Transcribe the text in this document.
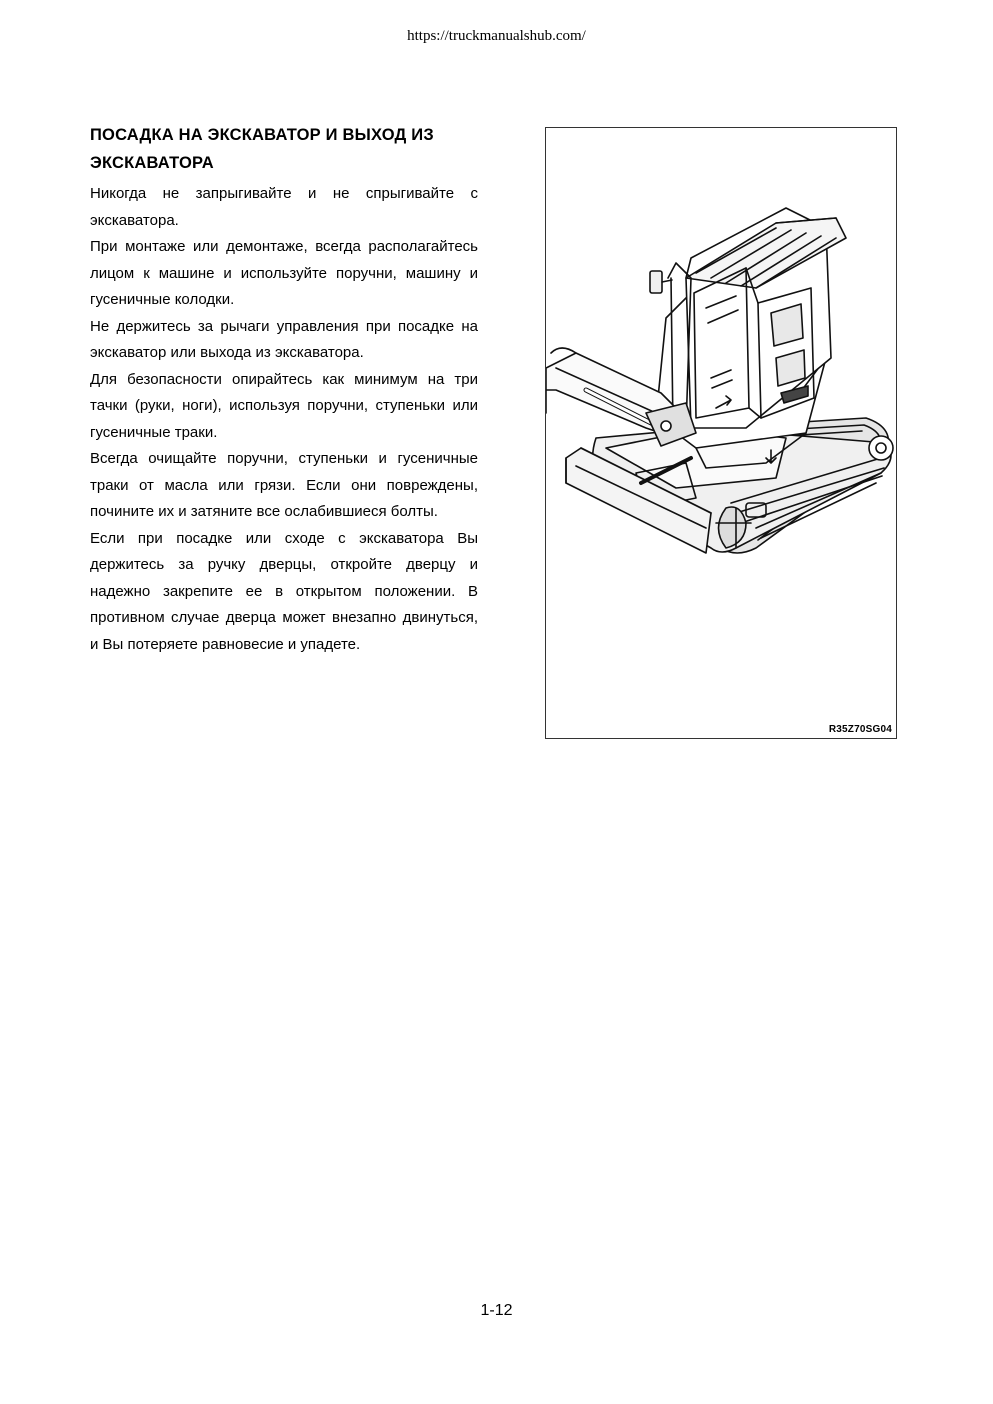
https://truckmanualshub.com/
ПОСАДКА НА ЭКСКАВАТОР И ВЫХОД ИЗ ЭКСКАВАТОРА

Никогда не запрыгивайте и не спрыгивайте с экскаватора.

При монтаже или демонтаже, всегда располагайтесь лицом к машине и используйте поручни, машину и гусеничные колодки.

Не держитесь за рычаги управления при посадке на экскаватор или выхода из экскаватора.

Для безопасности опирайтесь как минимум на три тачки (руки, ноги), используя поручни, ступеньки или гусеничные траки.

Всегда очищайте поручни, ступеньки и гусеничные траки от масла или грязи. Если они повреждены, почините их и затяните все ослабившиеся болты.

Если при посадке или сходе с экскаватора Вы держитесь за ручку дверцы, откройте дверцу и надежно закрепите ее в открытом положении. В противном случае дверца может внезапно двинуться, и Вы потеряете равновесие и упадете.

R35Z70SG04
1-12
